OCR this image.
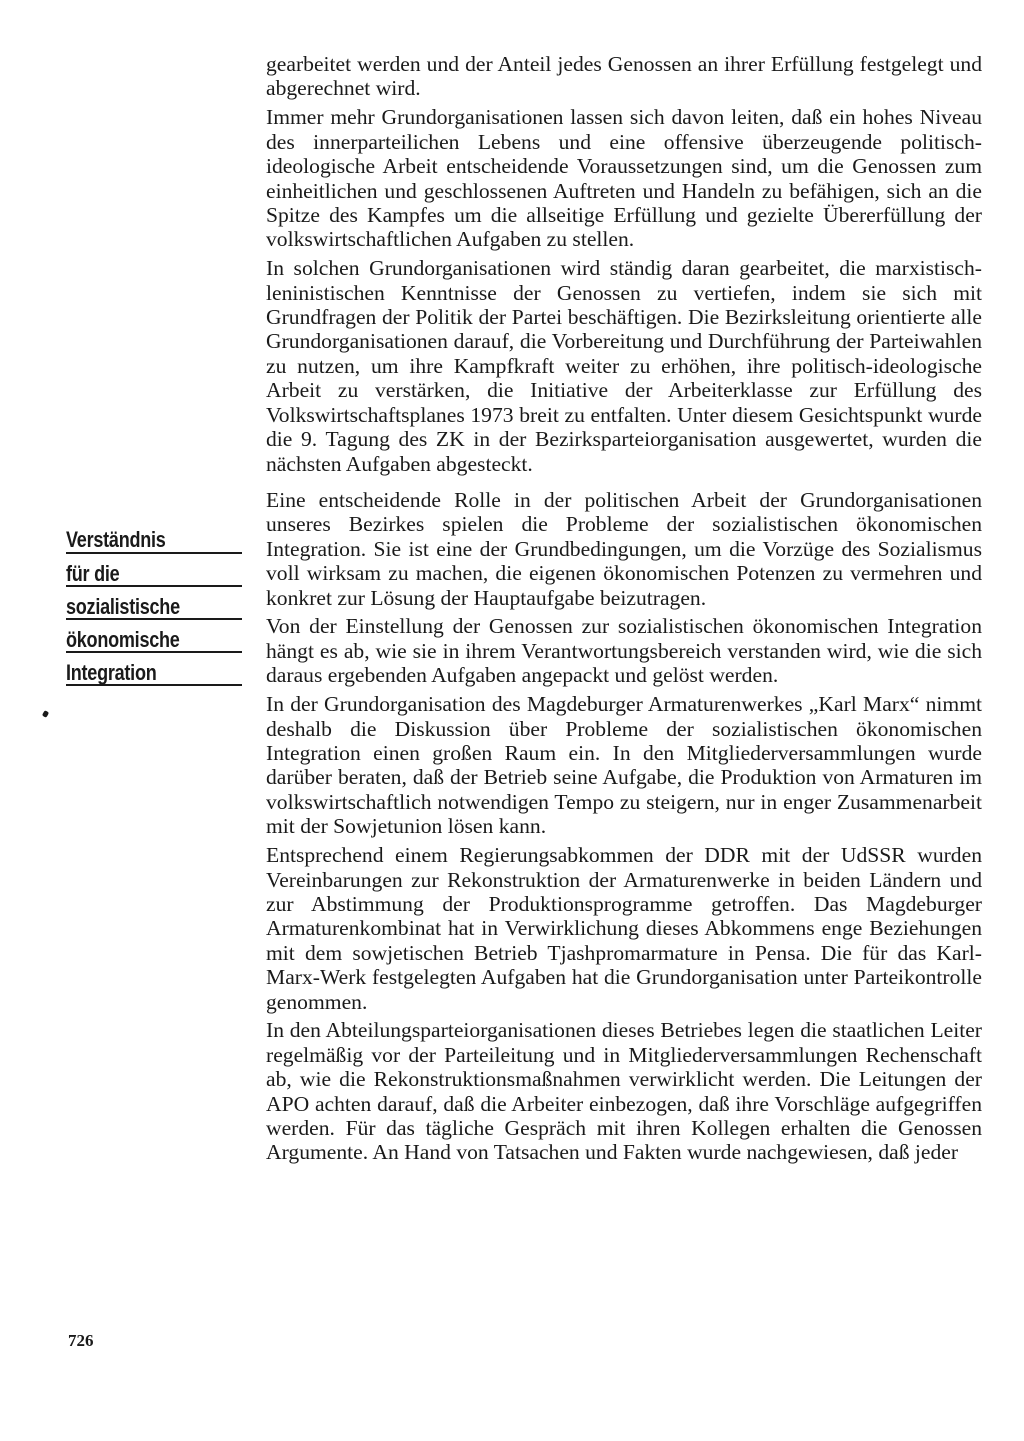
gearbeitet werden und der Anteil jedes Genossen an ihrer Erfüllung festgelegt und abgerechnet wird.

Immer mehr Grundorganisationen lassen sich davon leiten, daß ein hohes Niveau des innerparteilichen Lebens und eine offensive überzeugende politisch-ideologische Arbeit entscheidende Voraussetzungen sind, um die Genossen zum einheitlichen und geschlossenen Auftreten und Handeln zu befähigen, sich an die Spitze des Kampfes um die allseitige Erfüllung und gezielte Übererfüllung der volkswirtschaftlichen Aufgaben zu stellen.

In solchen Grundorganisationen wird ständig daran gearbeitet, die marxistisch-leninistischen Kenntnisse der Genossen zu vertiefen, indem sie sich mit Grundfragen der Politik der Partei beschäftigen. Die Bezirksleitung orientierte alle Grundorganisationen darauf, die Vorbereitung und Durchführung der Parteiwahlen zu nutzen, um ihre Kampfkraft weiter zu erhöhen, ihre politisch-ideologische Arbeit zu verstärken, die Initiative der Arbeiterklasse zur Erfüllung des Volkswirtschaftsplanes 1973 breit zu entfalten. Unter diesem Gesichtspunkt wurde die 9. Tagung des ZK in der Bezirksparteiorganisation ausgewertet, wurden die nächsten Aufgaben abgesteckt.

Eine entscheidende Rolle in der politischen Arbeit der Grundorganisationen unseres Bezirkes spielen die Probleme der sozialistischen ökonomischen Integration. Sie ist eine der Grundbedingungen, um die Vorzüge des Sozialismus voll wirksam zu machen, die eigenen ökonomischen Potenzen zu vermehren und konkret zur Lösung der Hauptaufgabe beizutragen.

Von der Einstellung der Genossen zur sozialistischen ökonomischen Integration hängt es ab, wie sie in ihrem Verantwortungsbereich verstanden wird, wie die sich daraus ergebenden Aufgaben angepackt und gelöst werden.

In der Grundorganisation des Magdeburger Armaturenwerkes „Karl Marx“ nimmt deshalb die Diskussion über Probleme der sozialistischen ökonomischen Integration einen großen Raum ein. In den Mitgliederversammlungen wurde darüber beraten, daß der Betrieb seine Aufgabe, die Produktion von Armaturen im volkswirtschaftlich notwendigen Tempo zu steigern, nur in enger Zusammenarbeit mit der Sowjetunion lösen kann.

Entsprechend einem Regierungsabkommen der DDR mit der UdSSR wurden Vereinbarungen zur Rekonstruktion der Armaturenwerke in beiden Ländern und zur Abstimmung der Produktionsprogramme getroffen. Das Magdeburger Armaturenkombinat hat in Verwirklichung dieses Abkommens enge Beziehungen mit dem sowjetischen Betrieb Tjashpromarmature in Pensa. Die für das Karl-Marx-Werk festgelegten Aufgaben hat die Grundorganisation unter Parteikontrolle genommen.

In den Abteilungsparteiorganisationen dieses Betriebes legen die staatlichen Leiter regelmäßig vor der Parteileitung und in Mitgliederversammlungen Rechenschaft ab, wie die Rekonstruktionsmaßnahmen verwirklicht werden. Die Leitungen der APO achten darauf, daß die Arbeiter einbezogen, daß ihre Vorschläge aufgegriffen werden. Für das tägliche Gespräch mit ihren Kollegen erhalten die Genossen Argumente. An Hand von Tatsachen und Fakten wurde nachgewiesen, daß jeder

Verständnis
für die
sozialistische
ökonomische
Integration
726
